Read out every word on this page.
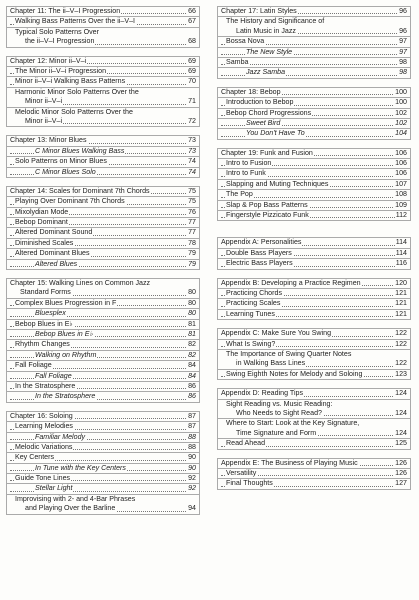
Chapter 11: The ii–V–I Progression	66
Walking Bass Patterns Over the ii–V–I	67
Typical Solo Patterns Over
the ii–V–I Progression	68
Chapter 12: Minor ii–V–i	69
The Minor ii–V–i Progression	69
Minor ii–V–i Walking Bass Patterns	70
Harmonic Minor Solo Patterns Over the
Minor ii–V–i	71
Melodic Minor Solo Patterns Over the
Minor ii–V–i	72
Chapter 13: Minor Blues	73
C Minor Blues Walking Bass	73
Solo Patterns on Minor Blues	74
C Minor Blues Solo	74
Chapter 14: Scales for Dominant 7th Chords	75
Playing Over Dominant 7th Chords	75
Mixolydian Mode	76
Bebop Dominant	77
Altered Dominant Sound	77
Diminished Scales	78
Altered Dominant Blues	79
Altered Blues	79
Chapter 15: Walking Lines on Common Jazz
Standard Forms	80
Complex Blues Progression in F	80
Bluesplex	80
Bebop Blues in E♭	81
Bebop Blues in E♭	81
Rhythm Changes	82
Walking on Rhythm	82
Fall Foliage	84
Fall Foliage	84
In the Stratosphere	86
In the Stratosphere	86
Chapter 16: Soloing	87
Learning Melodies	87
Familiar Melody	88
Melodic Variations	88
Key Centers	90
In Tune with the Key Centers	90
Guide Tone Lines	92
Stellar Light	92
Improvising with 2- and 4-Bar Phrases
and Playing Over the Barline	94
Chapter 17: Latin Styles	96
The History and Significance of
Latin Music in Jazz	96
Bossa Nova	97
The New Style	97
Samba	98
Jazz Samba	98
Chapter 18: Bebop	100
Introduction to Bebop	100
Bebop Chord Progressions	102
Sweet Bird	102
You Don't Have To	104
Chapter 19: Funk and Fusion	106
Intro to Fusion	106
Intro to Funk	106
Slapping and Muting Techniques	107
The Pop	108
Slap & Pop Bass Patterns	109
Fingerstyle Pizzicato Funk	112
Appendix A: Personalities	114
Double Bass Players	114
Electric Bass Players	116
Appendix B: Developing a Practice Regimen	120
Practicing Chords	121
Practicing Scales	121
Learning Tunes	121
Appendix C: Make Sure You Swing	122
What Is Swing?	122
The Importance of Swing Quarter Notes
in Walking Bass Lines	122
Swing Eighth Notes for Melody and Soloing	123
Appendix D: Reading Tips	124
Sight Reading vs. Music Reading:
Who Needs to Sight Read?	124
Where to Start: Look at the Key Signature,
Time Signature and Form	124
Read Ahead	125
Appendix E: The Business of Playing Music	126
Versatility	126
Final Thoughts	127
